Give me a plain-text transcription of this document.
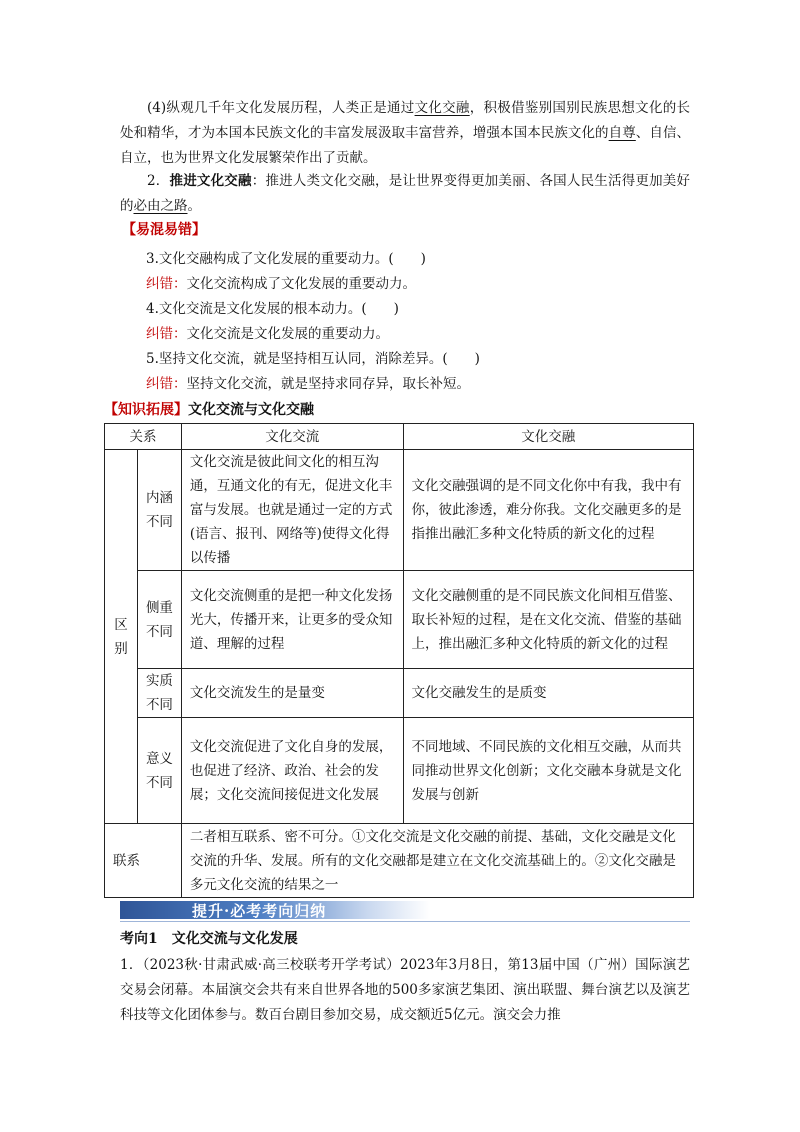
(4)纵观几千年文化发展历程，人类正是通过文化交融，积极借鉴别国别民族思想文化的长处和精华，才为本国本民族文化的丰富发展汲取丰富营养，增强本国本民族文化的自尊、自信、自立，也为世界文化发展繁荣作出了贡献。
2．推进文化交融：推进人类文化交融，是让世界变得更加美丽、各国人民生活得更加美好的必由之路。
【易混易错】
3.文化交融构成了文化发展的重要动力。(　　)
纠错：文化交流构成了文化发展的重要动力。
4.文化交流是文化发展的根本动力。(　　)
纠错：文化交流是文化发展的重要动力。
5.坚持文化交流，就是坚持相互认同，消除差异。(　　)
纠错：坚持文化交流，就是坚持求同存异，取长补短。
【知识拓展】文化交流与文化交融
关系		文化交流	文化交融
区别	内涵不同	文化交流是彼此间文化的相互沟通，互通文化的有无，促进文化丰富与发展。也就是通过一定的方式(语言、报刊、网络等)使得文化得以传播	文化交融强调的是不同文化你中有我，我中有你，彼此渗透，难分你我。文化交融更多的是指推出融汇多种文化特质的新文化的过程
	侧重不同	文化交流侧重的是把一种文化发扬光大，传播开来，让更多的受众知道、理解的过程	文化交融侧重的是不同民族文化间相互借鉴、取长补短的过程，是在文化交流、借鉴的基础上，推出融汇多种文化特质的新文化的过程
	实质不同	文化交流发生的是量变	文化交融发生的是质变
	意义不同	文化交流促进了文化自身的发展，也促进了经济、政治、社会的发展；文化交流间接促进文化发展	不同地域、不同民族的文化相互交融，从而共同推动世界文化创新；文化交融本身就是文化发展与创新
联系		二者相互联系、密不可分。①文化交流是文化交融的前提、基础，文化交融是文化交流的升华、发展。所有的文化交融都是建立在文化交流基础上的。②文化交融是多元文化交流的结果之一	
提升·必考考向归纳
考向1　文化交流与文化发展
1．（2023秋·甘肃武威·高三校联考开学考试）2023年3月8日，第13届中国（广州）国际演艺交易会闭幕。本届演交会共有来自世界各地的500多家演艺集团、演出联盟、舞台演艺以及演艺科技等文化团体参与。数百台剧目参加交易，成交额近5亿元。演交会力推
